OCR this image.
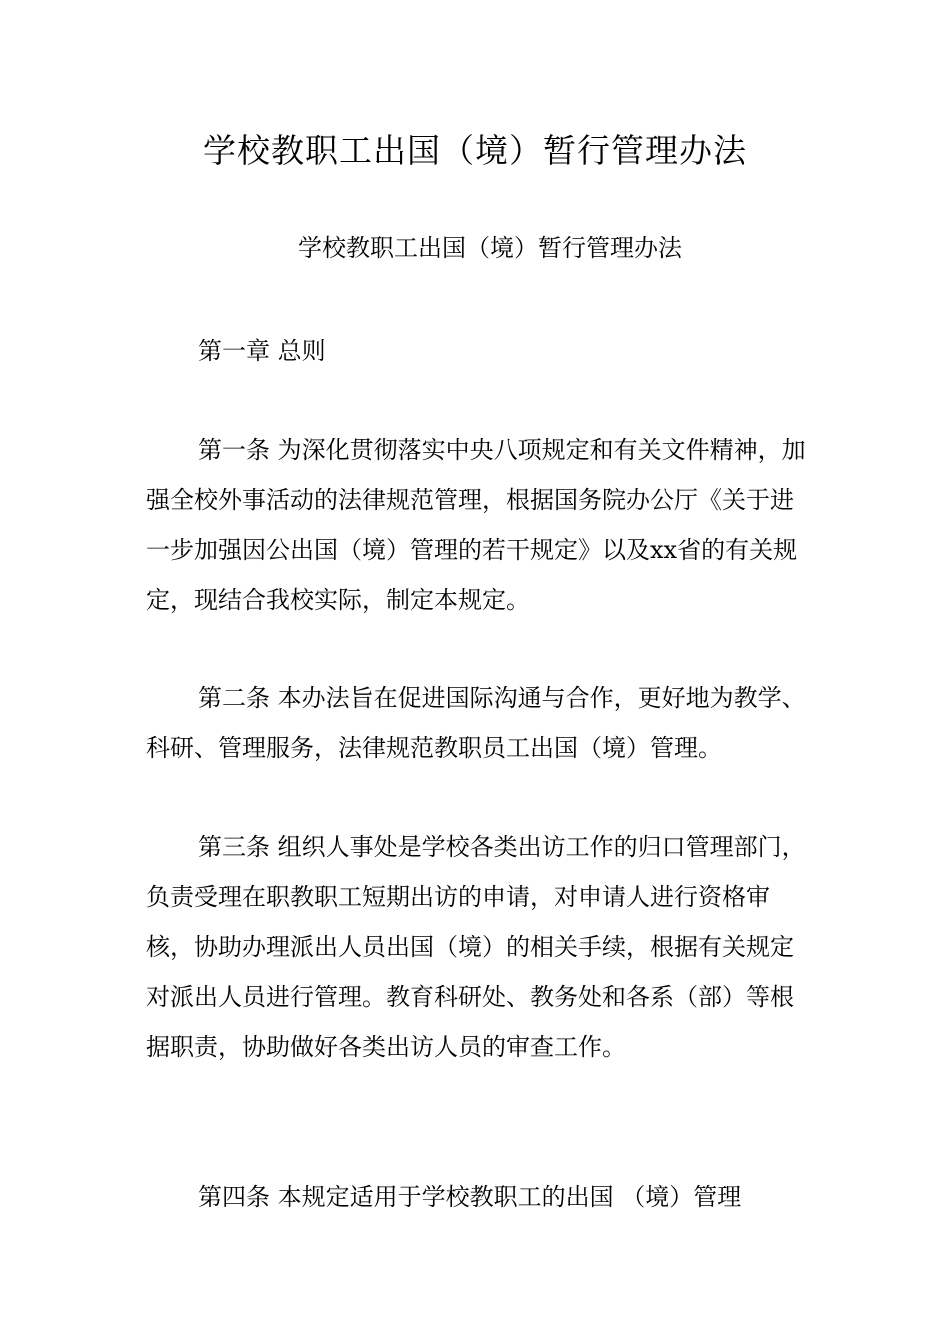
学校教职工出国（境）暂行管理办法
学校教职工出国（境）暂行管理办法
第一章 总则
第一条 为深化贯彻落实中央八项规定和有关文件精神，加强全校外事活动的法律规范管理，根据国务院办公厅《关于进一步加强因公出国（境）管理的若干规定》以及xx省的有关规定，现结合我校实际，制定本规定。
第二条 本办法旨在促进国际沟通与合作，更好地为教学、科研、管理服务，法律规范教职员工出国（境）管理。
第三条 组织人事处是学校各类出访工作的归口管理部门，负责受理在职教职工短期出访的申请，对申请人进行资格审核，协助办理派出人员出国（境）的相关手续，根据有关规定对派出人员进行管理。教育科研处、教务处和各系（部）等根据职责，协助做好各类出访人员的审查工作。
第四条 本规定适用于学校教职工的出国 （境）管理
